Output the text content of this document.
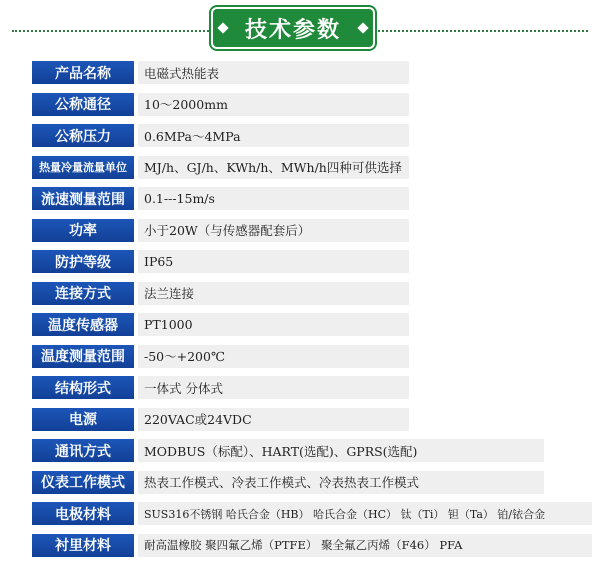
技术参数
产品名称	电磁式热能表
公称通径	10～2000mm
公称压力	0.6MPa～4MPa
热量冷量流量单位	MJ/h、GJ/h、KWh/h、MWh/h四种可供选择
流速测量范围	0.1---15m/s
功率	小于20W（与传感器配套后）
防护等级	IP65
连接方式	法兰连接
温度传感器	PT1000
温度测量范围	-50～+200℃
结构形式	一体式 分体式
电源	220VAC或24VDC
通讯方式	MODBUS（标配）、HART(选配)、GPRS(选配)
仪表工作模式	热表工作模式、冷表工作模式、冷表热表工作模式
电极材料	SUS316不锈钢 哈氏合金（HB） 哈氏合金（HC） 钛（Ti） 钽（Ta） 铂/铱合金
衬里材料	耐高温橡胶 聚四氟乙烯（PTFE） 聚全氟乙丙烯（F46） PFA
